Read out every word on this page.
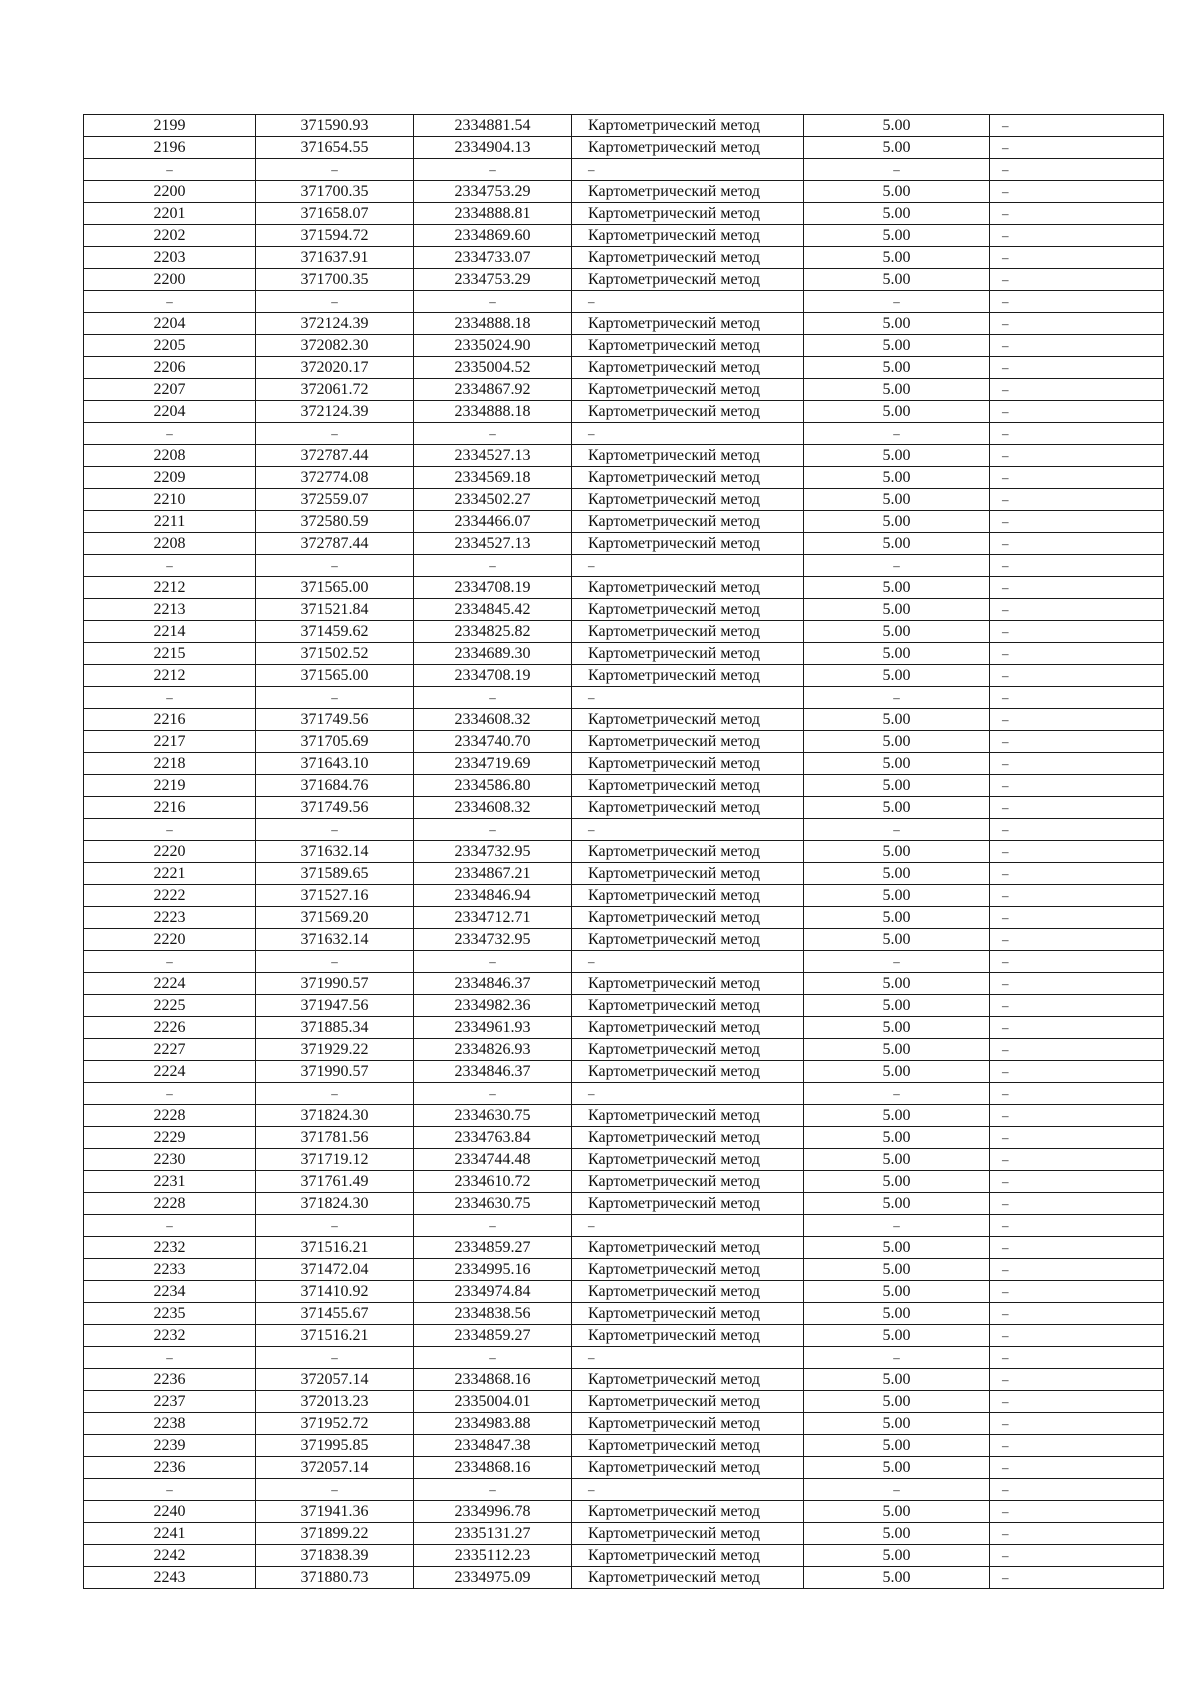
2199	371590.93	2334881.54	Картометрический метод	5.00	–
2196	371654.55	2334904.13	Картометрический метод	5.00	–
–	–	–	–	–	–
2200	371700.35	2334753.29	Картометрический метод	5.00	–
2201	371658.07	2334888.81	Картометрический метод	5.00	–
2202	371594.72	2334869.60	Картометрический метод	5.00	–
2203	371637.91	2334733.07	Картометрический метод	5.00	–
2200	371700.35	2334753.29	Картометрический метод	5.00	–
–	–	–	–	–	–
2204	372124.39	2334888.18	Картометрический метод	5.00	–
2205	372082.30	2335024.90	Картометрический метод	5.00	–
2206	372020.17	2335004.52	Картометрический метод	5.00	–
2207	372061.72	2334867.92	Картометрический метод	5.00	–
2204	372124.39	2334888.18	Картометрический метод	5.00	–
–	–	–	–	–	–
2208	372787.44	2334527.13	Картометрический метод	5.00	–
2209	372774.08	2334569.18	Картометрический метод	5.00	–
2210	372559.07	2334502.27	Картометрический метод	5.00	–
2211	372580.59	2334466.07	Картометрический метод	5.00	–
2208	372787.44	2334527.13	Картометрический метод	5.00	–
–	–	–	–	–	–
2212	371565.00	2334708.19	Картометрический метод	5.00	–
2213	371521.84	2334845.42	Картометрический метод	5.00	–
2214	371459.62	2334825.82	Картометрический метод	5.00	–
2215	371502.52	2334689.30	Картометрический метод	5.00	–
2212	371565.00	2334708.19	Картометрический метод	5.00	–
–	–	–	–	–	–
2216	371749.56	2334608.32	Картометрический метод	5.00	–
2217	371705.69	2334740.70	Картометрический метод	5.00	–
2218	371643.10	2334719.69	Картометрический метод	5.00	–
2219	371684.76	2334586.80	Картометрический метод	5.00	–
2216	371749.56	2334608.32	Картометрический метод	5.00	–
–	–	–	–	–	–
2220	371632.14	2334732.95	Картометрический метод	5.00	–
2221	371589.65	2334867.21	Картометрический метод	5.00	–
2222	371527.16	2334846.94	Картометрический метод	5.00	–
2223	371569.20	2334712.71	Картометрический метод	5.00	–
2220	371632.14	2334732.95	Картометрический метод	5.00	–
–	–	–	–	–	–
2224	371990.57	2334846.37	Картометрический метод	5.00	–
2225	371947.56	2334982.36	Картометрический метод	5.00	–
2226	371885.34	2334961.93	Картометрический метод	5.00	–
2227	371929.22	2334826.93	Картометрический метод	5.00	–
2224	371990.57	2334846.37	Картометрический метод	5.00	–
–	–	–	–	–	–
2228	371824.30	2334630.75	Картометрический метод	5.00	–
2229	371781.56	2334763.84	Картометрический метод	5.00	–
2230	371719.12	2334744.48	Картометрический метод	5.00	–
2231	371761.49	2334610.72	Картометрический метод	5.00	–
2228	371824.30	2334630.75	Картометрический метод	5.00	–
–	–	–	–	–	–
2232	371516.21	2334859.27	Картометрический метод	5.00	–
2233	371472.04	2334995.16	Картометрический метод	5.00	–
2234	371410.92	2334974.84	Картометрический метод	5.00	–
2235	371455.67	2334838.56	Картометрический метод	5.00	–
2232	371516.21	2334859.27	Картометрический метод	5.00	–
–	–	–	–	–	–
2236	372057.14	2334868.16	Картометрический метод	5.00	–
2237	372013.23	2335004.01	Картометрический метод	5.00	–
2238	371952.72	2334983.88	Картометрический метод	5.00	–
2239	371995.85	2334847.38	Картометрический метод	5.00	–
2236	372057.14	2334868.16	Картометрический метод	5.00	–
–	–	–	–	–	–
2240	371941.36	2334996.78	Картометрический метод	5.00	–
2241	371899.22	2335131.27	Картометрический метод	5.00	–
2242	371838.39	2335112.23	Картометрический метод	5.00	–
2243	371880.73	2334975.09	Картометрический метод	5.00	–
